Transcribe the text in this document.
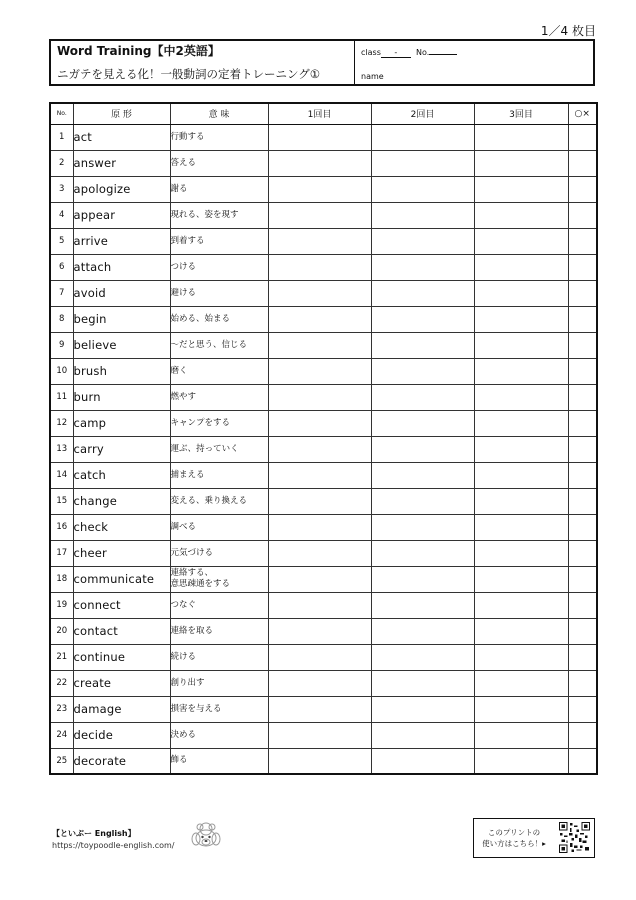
1／4 枚目
Word Training【中2英語】
ニガテを見える化！一般動詞の定着トレーニング①
class - No.
name
No.	原 形	意 味	1回目	2回目	3回目	○×
1	act	行動する				
2	answer	答える				
3	apologize	謝る				
4	appear	現れる、姿を現す				
5	arrive	到着する				
6	attach	つける				
7	avoid	避ける				
8	begin	始める、始まる				
9	believe	～だと思う、信じる				
10	brush	磨く				
11	burn	燃やす				
12	camp	キャンプをする				
13	carry	運ぶ、持っていく				
14	catch	捕まえる				
15	change	変える、乗り換える				
16	check	調べる				
17	cheer	元気づける				
18	communicate	連絡する、
意思疎通をする				
19	connect	つなぐ				
20	contact	連絡を取る				
21	continue	続ける				
22	create	創り出す				
23	damage	損害を与える				
24	decide	決める				
25	decorate	飾る				
【といぷー English】
https://toypoodle-english.com/
このプリントの
使い方はこちら！▸
